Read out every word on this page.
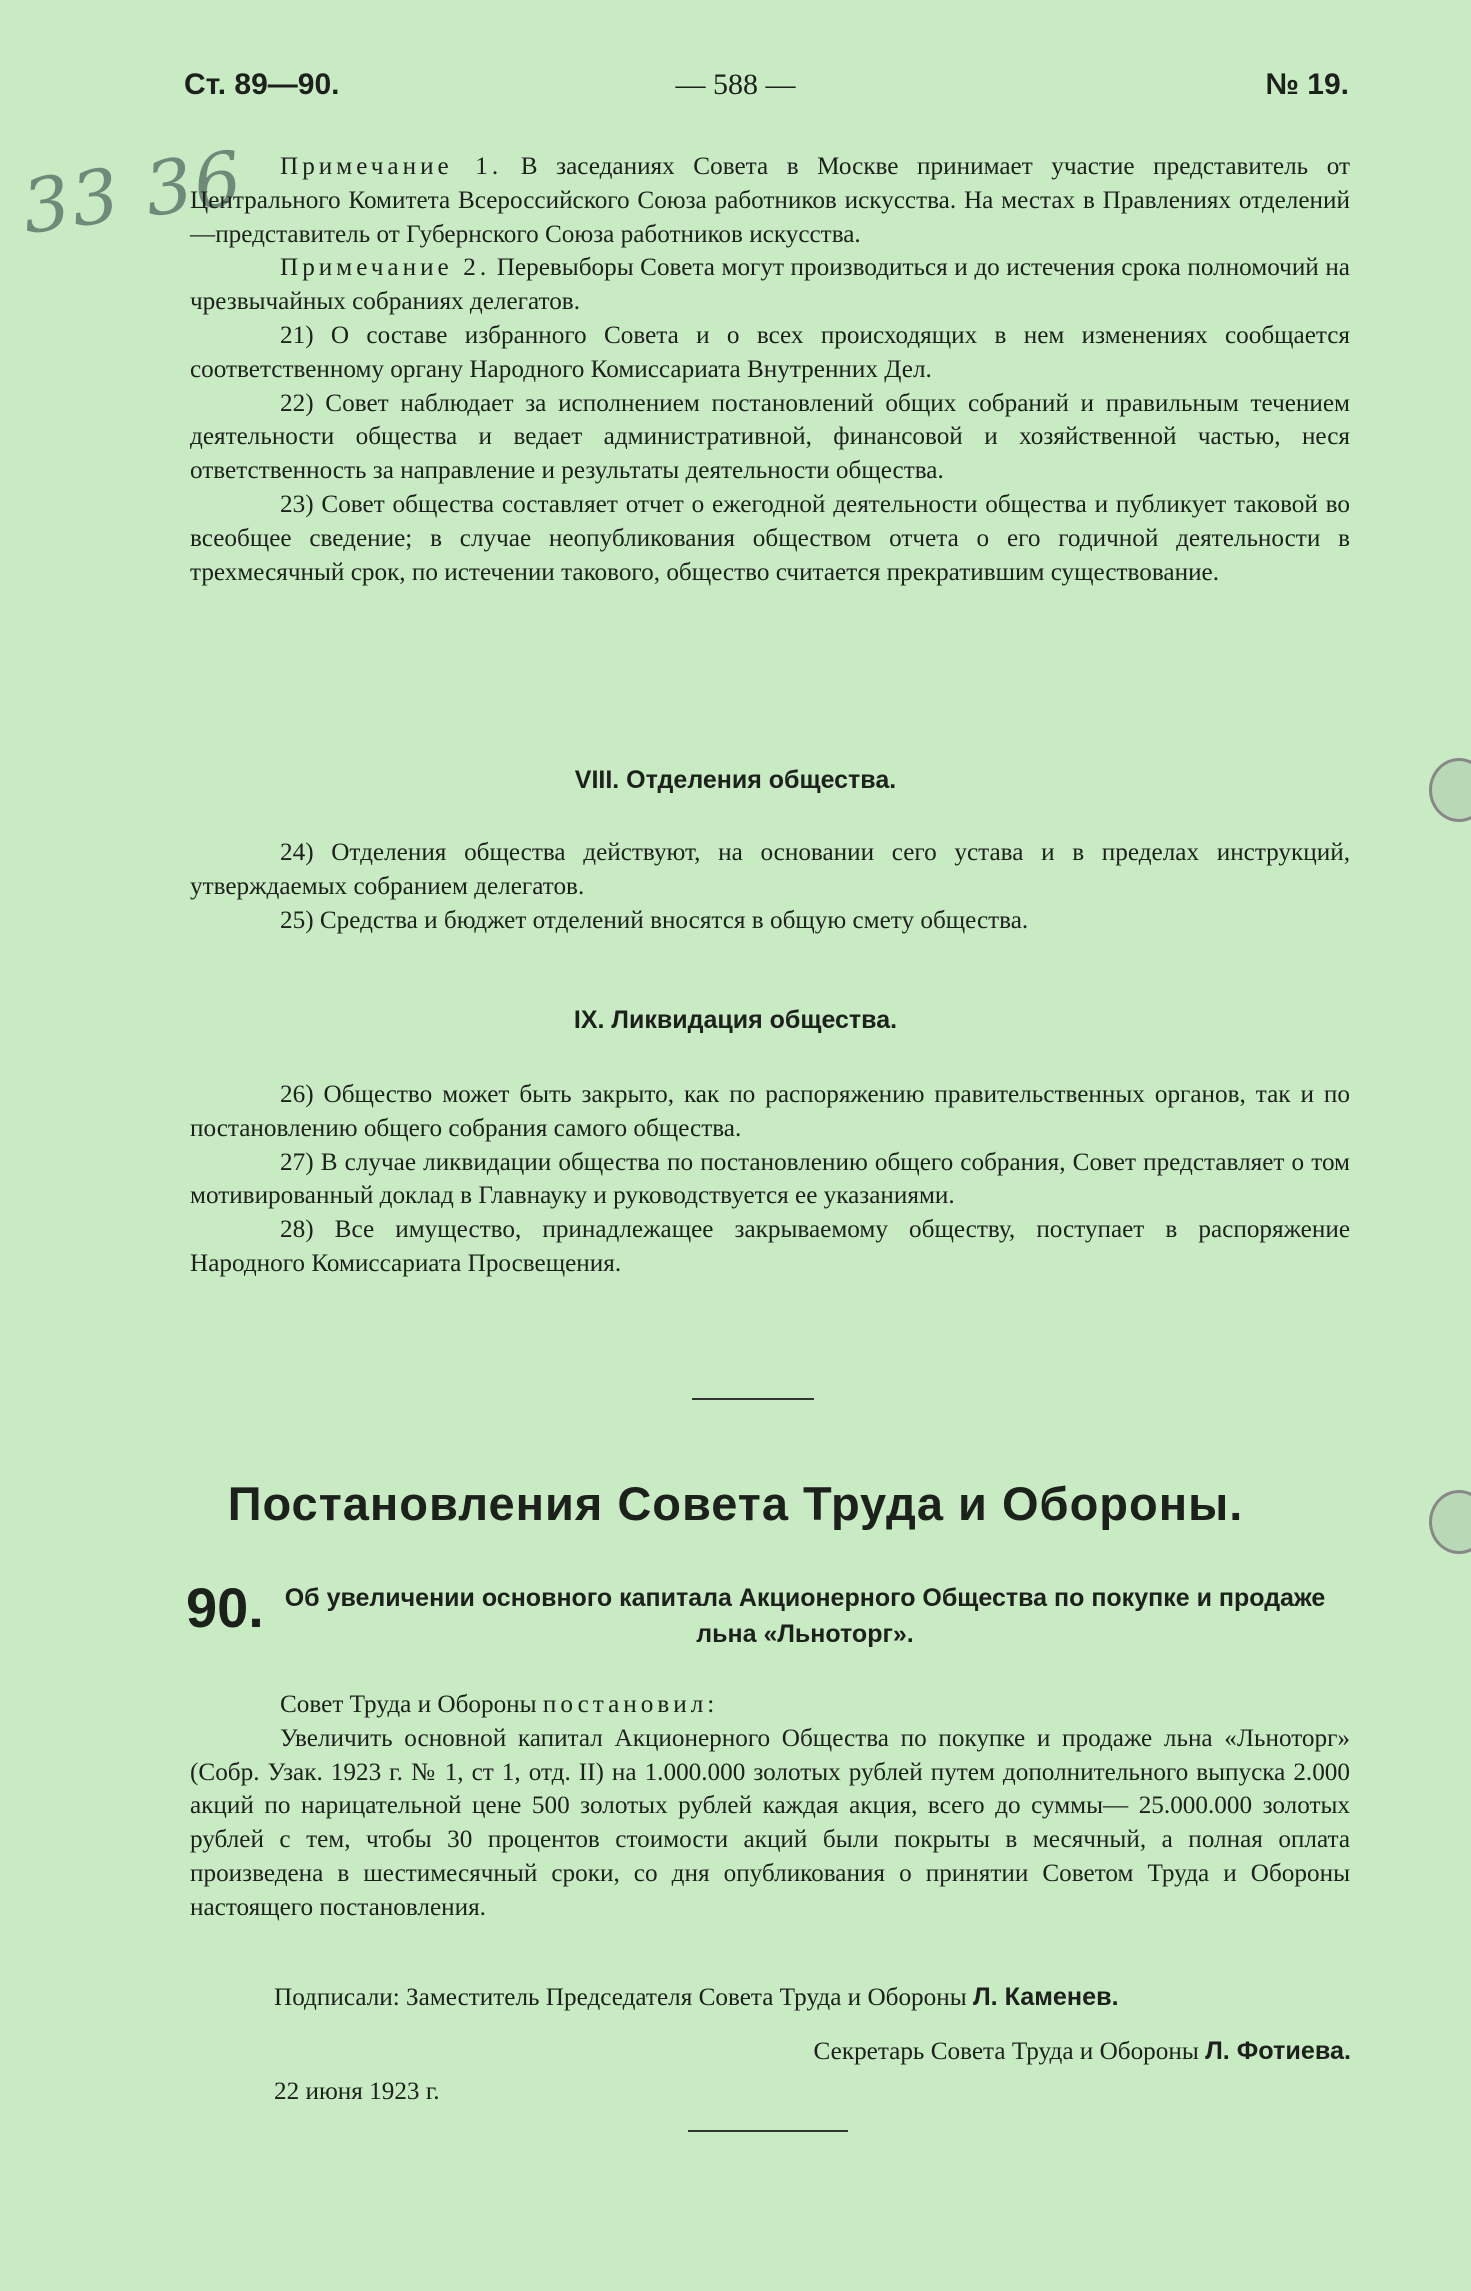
— 588 —
Ст. 89—90.	№ 19.
33 36	Примечание 1. В заседаниях Совета в Москве принимает участие представитель от Центрального Комитета Всероссийского Союза работников искусства. На местах в Правлениях отделений—представитель от Губернского Союза работников искусства.

Примечание 2. Перевыборы Совета могут производиться и до истечения срока полномочий на чрезвычайных собраниях делегатов.

21) О составе избранного Совета и о всех происходящих в нем изменениях сообщается соответственному органу Народного Комиссариата Внутренних Дел.

22) Совет наблюдает за исполнением постановлений общих собраний и правильным течением деятельности общества и ведает административной, финансовой и хозяйственной частью, неся ответственность за направление и результаты деятельности общества.

23) Совет общества составляет отчет о ежегодной деятельности общества и публикует таковой во всеобщее сведение; в случае неопубликования обществом отчета о его годичной деятельности в трехмесячный срок, по истечении такового, общество считается прекратившим существование.

VIII. Отделения общества.

24) Отделения общества действуют, на основании сего устава и в пределах инструкций, утверждаемых собранием делегатов.

25) Средства и бюджет отделений вносятся в общую смету общества.

IX. Ликвидация общества.

26) Общество может быть закрыто, как по распоряжению правительственных органов, так и по постановлению общего собрания самого общества.

27) В случае ликвидации общества по постановлению общего собрания, Совет представляет о том мотивированный доклад в Главнауку и руководствуется ее указаниями.

28) Все имущество, принадлежащее закрываемому обществу, поступает в распоряжение Народного Комиссариата Просвещения.

Постановления Совета Труда и Обороны.
90. Об увеличении основного капитала Акционерного Общества по покупке и продаже льна «Льноторг».

Совет Труда и Обороны постановил:

Увеличить основной капитал Акционерного Общества по покупке и продаже льна «Льноторг» (Собр. Узак. 1923 г. № 1, ст 1, отд. II) на 1.000.000 золотых рублей путем дополнительного выпуска 2.000 акций по нарицательной цене 500 золотых рублей каждая акция, всего до суммы— 25.000.000 золотых рублей с тем, чтобы 30 процентов стоимости акций были покрыты в месячный, а полная оплата произведена в шестимесячный сроки, со дня опубликования о принятии Советом Труда и Обороны настоящего постановления.

Подписали: Заместитель Председателя Совета Труда и Обороны Л. Каменев.
Секретарь Совета Труда и Обороны Л. Фотиева.
22 июня 1923 г.
